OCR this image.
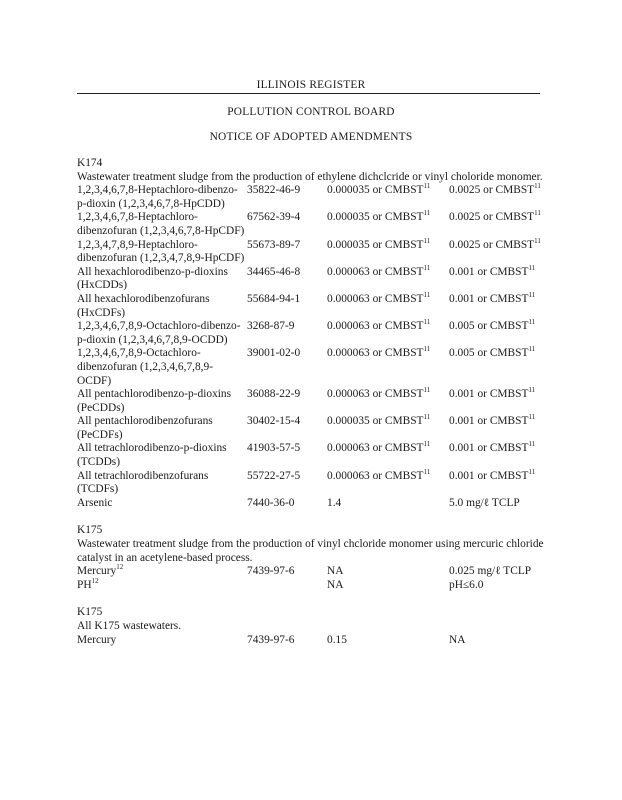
ILLINOIS REGISTER
POLLUTION CONTROL BOARD
NOTICE OF ADOPTED AMENDMENTS
K174
Wastewater treatment sludge from the production of ethylene dichclcride or vinyl choloride monomer.
1,2,3,4,6,7,8-Heptachloro-dibenzo-p-dioxin (1,2,3,4,6,7,8-HpCDD)	35822-46-9	0.000035 or CMBST$^{11}$	0.0025 or CMBST$^{11}$
1,2,3,4,6,7,8-Heptachloro-dibenzofuran (1,2,3,4,6,7,8-HpCDF)	67562-39-4	0.000035 or CMBST$^{11}$	0.0025 or CMBST$^{11}$
1,2,3,4,7,8,9-Heptachloro-dibenzofuran (1,2,3,4,7,8,9-HpCDF)	55673-89-7	0.000035 or CMBST$^{11}$	0.0025 or CMBST$^{11}$
All hexachlorodibenzo-p-dioxins (HxCDDs)	34465-46-8	0.000063 or CMBST$^{11}$	0.001 or CMBST$^{11}$
All hexachlorodibenzofurans (HxCDFs)	55684-94-1	0.000063 or CMBST$^{11}$	0.001 or CMBST$^{11}$
1,2,3,4,6,7,8,9-Octachloro-dibenzo-p-dioxin (1,2,3,4,6,7,8,9-OCDD)	3268-87-9	0.000063 or CMBST$^{11}$	0.005 or CMBST$^{11}$
1,2,3,4,6,7,8,9-Octachloro-dibenzofuran (1,2,3,4,6,7,8,9-OCDF)	39001-02-0	0.000063 or CMBST$^{11}$	0.005 or CMBST$^{11}$
All pentachlorodibenzo-p-dioxins (PeCDDs)	36088-22-9	0.000063 or CMBST$^{11}$	0.001 or CMBST$^{11}$
All pentachlorodibenzofurans (PeCDFs)	30402-15-4	0.000035 or CMBST$^{11}$	0.001 or CMBST$^{11}$
All tetrachlorodibenzo-p-dioxins (TCDDs)	41903-57-5	0.000063 or CMBST$^{11}$	0.001 or CMBST$^{11}$
All tetrachlorodibenzofurans (TCDFs)	55722-27-5	0.000063 or CMBST$^{11}$	0.001 or CMBST$^{11}$
Arsenic	7440-36-0	1.4	5.0 mg/ℓ TCLP
K175
Wastewater treatment sludge from the production of vinyl chcloride monomer using mercuric chloride catalyst in an acetylene-based process.
Mercury$^{12}$	7439-97-6	NA	0.025 mg/ℓ TCLP
PH$^{12}$		NA	pH≤6.0
K175
All K175 wastewaters.
Mercury	7439-97-6	0.15	NA
